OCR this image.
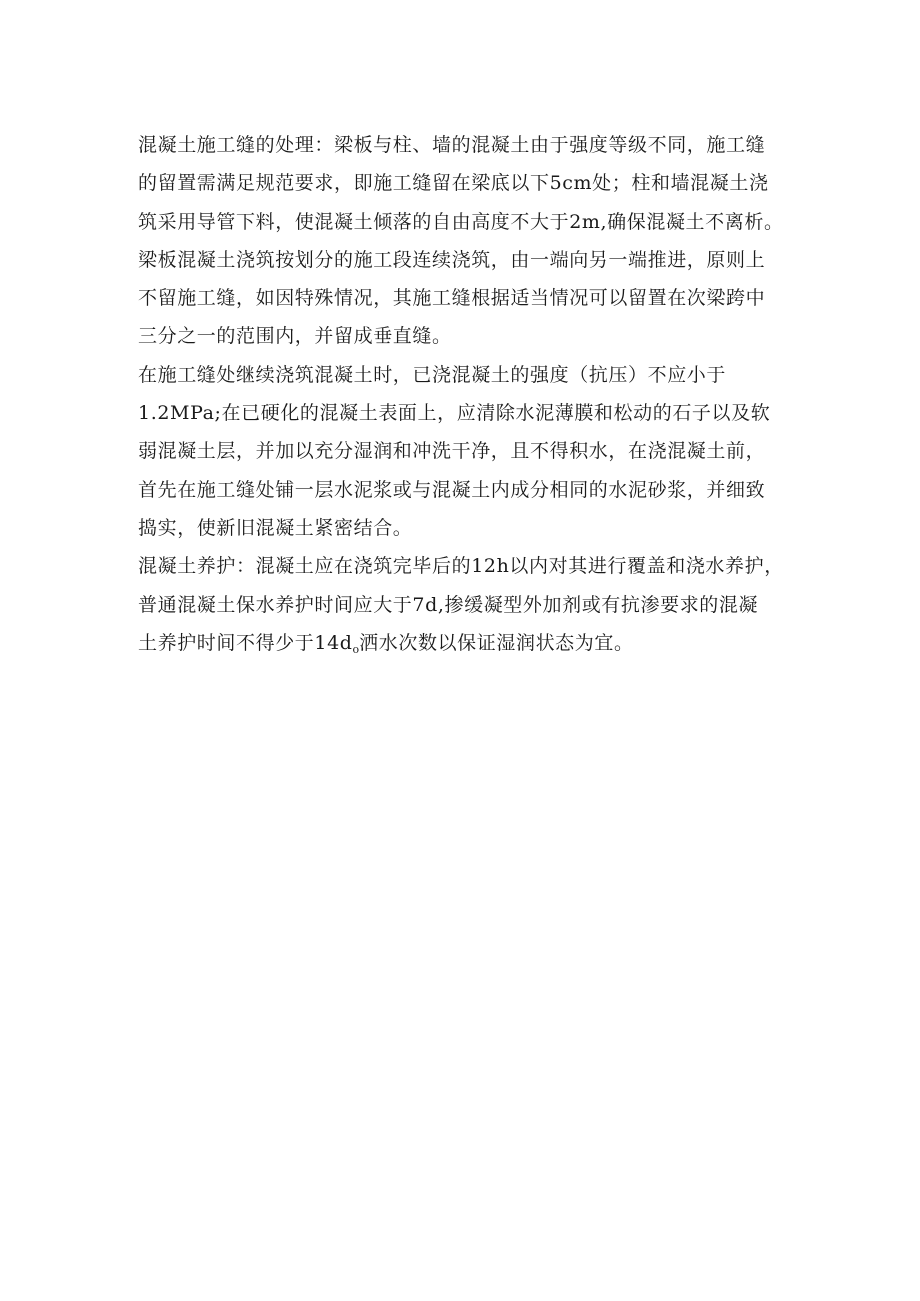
混凝土施工缝的处理：梁板与柱、墙的混凝土由于强度等级不同，施工缝
的留置需满足规范要求，即施工缝留在梁底以下5cm处；柱和墙混凝土浇
筑采用导管下料，使混凝土倾落的自由高度不大于2m,确保混凝土不离析。
梁板混凝土浇筑按划分的施工段连续浇筑，由一端向另一端推进，原则上
不留施工缝，如因特殊情况，其施工缝根据适当情况可以留置在次梁跨中
三分之一的范围内，并留成垂直缝。
在施工缝处继续浇筑混凝土时，已浇混凝土的强度（抗压）不应小于
1.2MPa;在已硬化的混凝土表面上，应清除水泥薄膜和松动的石子以及软
弱混凝土层，并加以充分湿润和冲洗干净，且不得积水，在浇混凝土前，
首先在施工缝处铺一层水泥浆或与混凝土内成分相同的水泥砂浆，并细致
捣实，使新旧混凝土紧密结合。
混凝土养护：混凝土应在浇筑完毕后的12h以内对其进行覆盖和浇水养护，
普通混凝土保水养护时间应大于7d,掺缓凝型外加剂或有抗渗要求的混凝
土养护时间不得少于$14d_o$洒水次数以保证湿润状态为宜。
